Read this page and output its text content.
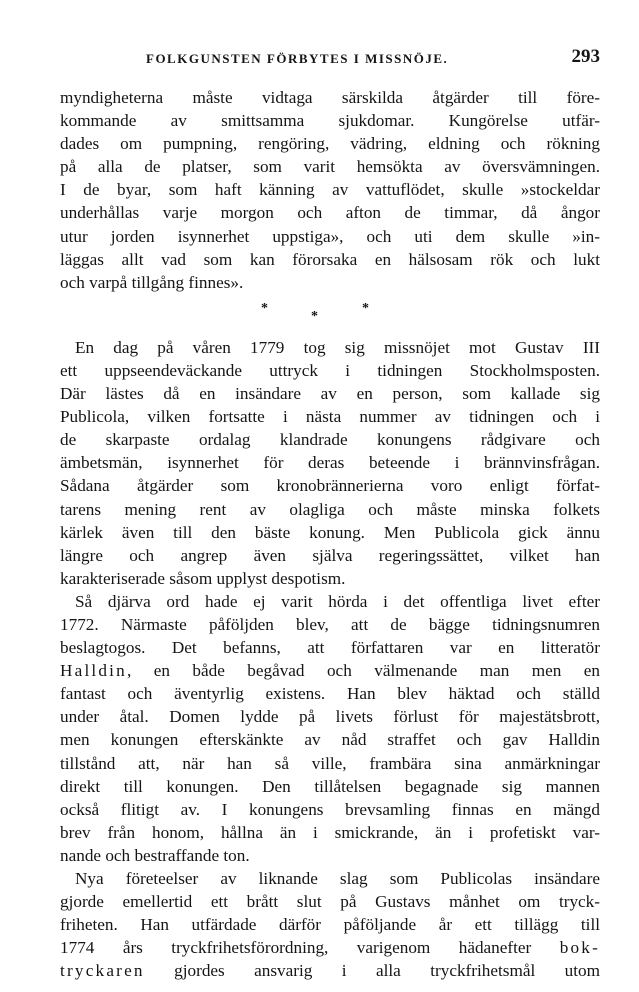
FOLKGUNSTEN FÖRBYTES I MISSNÖJE.	293
myndigheterna måste vidtaga särskilda åtgärder till före-
kommande av smittsamma sjukdomar. Kungörelse utfär-
dades om pumpning, rengöring, vädring, eldning och rökning
på alla de platser, som varit hemsökta av översvämningen.
I de byar, som haft känning av vattuflödet, skulle »stockeldar
underhållas varje morgon och afton de timmar, då ångor
utur jorden isynnerhet uppstiga», och uti dem skulle »in-
läggas allt vad som kan förorsaka en hälsosam rök och lukt
och varpå tillgång finnes».
*
*
*
En dag på våren 1779 tog sig missnöjet mot Gustav III
ett uppseendeväckande uttryck i tidningen Stockholmsposten.
Där lästes då en insändare av en person, som kallade sig
Publicola, vilken fortsatte i nästa nummer av tidningen och i
de skarpaste ordalag klandrade konungens rådgivare och
ämbetsmän, isynnerhet för deras beteende i brännvinsfrågan.
Sådana åtgärder som kronobrännerierna voro enligt förfat-
tarens mening rent av olagliga och måste minska folkets
kärlek även till den bäste konung. Men Publicola gick ännu
längre och angrep även själva regeringssättet, vilket han
karakteriserade såsom upplyst despotism.
Så djärva ord hade ej varit hörda i det offentliga livet efter
1772. Närmaste påföljden blev, att de bägge tidningsnumren
beslagtogos. Det befanns, att författaren var en litteratör
Halldin, en både begåvad och välmenande man men en
fantast och äventyrlig existens. Han blev häktad och ställd
under åtal. Domen lydde på livets förlust för majestätsbrott,
men konungen efterskänkte av nåd straffet och gav Halldin
tillstånd att, när han så ville, frambära sina anmärkningar
direkt till konungen. Den tillåtelsen begagnade sig mannen
också flitigt av. I konungens brevsamling finnas en mängd
brev från honom, hållna än i smickrande, än i profetiskt var-
nande och bestraffande ton.
Nya företeelser av liknande slag som Publicolas insändare
gjorde emellertid ett brått slut på Gustavs månhet om tryck-
friheten. Han utfärdade därför påföljande år ett tillägg till
1774 års tryckfrihetsförordning, varigenom hädanefter bok-
tryckaren gjordes ansvarig i alla tryckfrihetsmål utom
